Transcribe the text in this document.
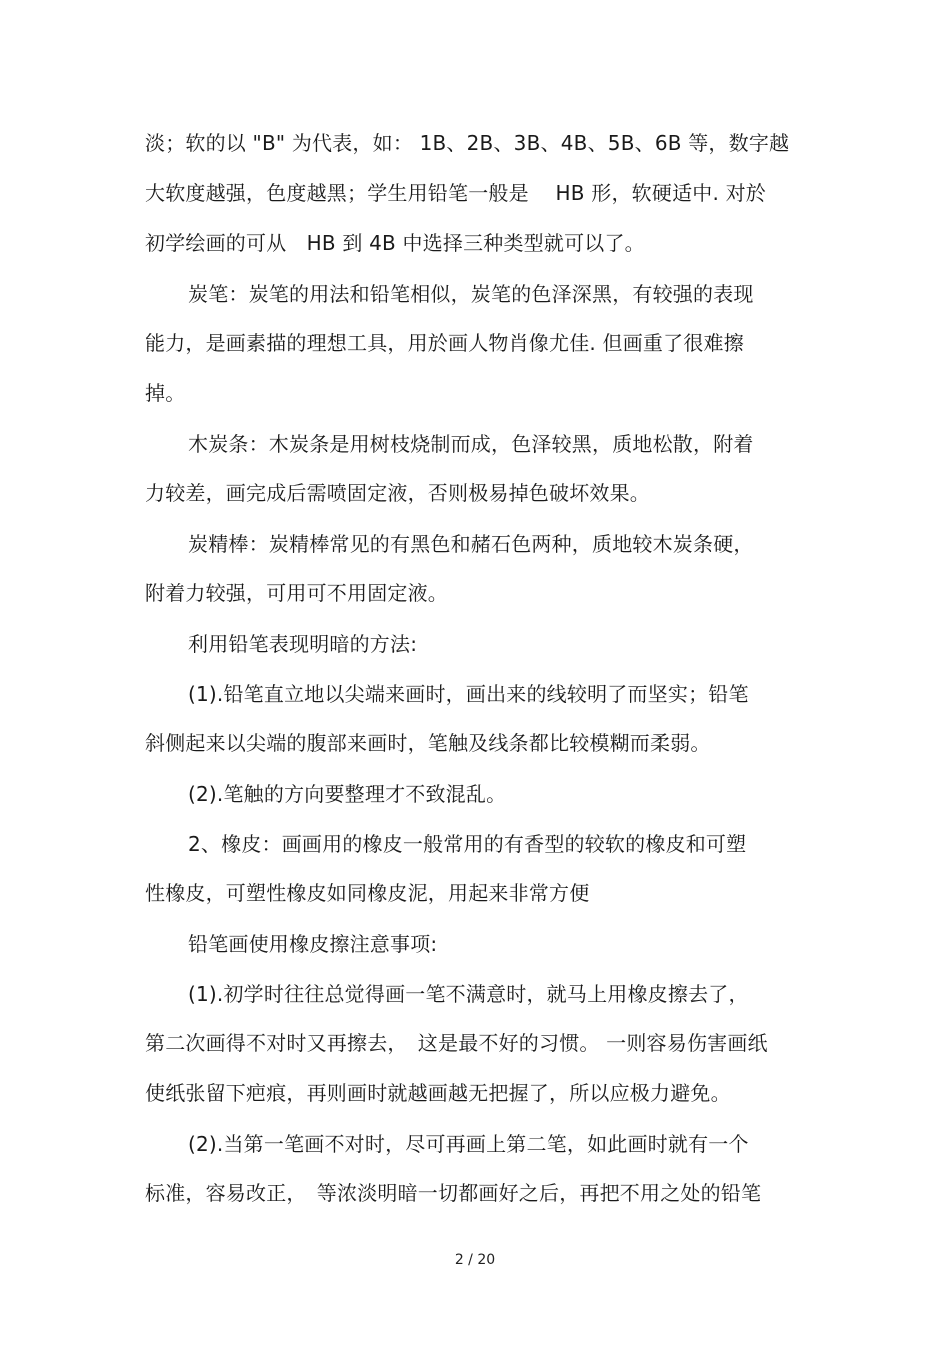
淡；软的以 "B" 为代表，如： 1B、2B、3B、4B、5B、6B 等，数字越
大软度越强，色度越黑；学生用铅笔一般是　 HB 形，软硬适中. 对於
初学绘画的可从　HB 到 4B 中选择三种类型就可以了。
炭笔：炭笔的用法和铅笔相似，炭笔的色泽深黑，有较强的表现
能力，是画素描的理想工具，用於画人物肖像尤佳. 但画重了很难擦
掉。
木炭条：木炭条是用树枝烧制而成，色泽较黑，质地松散，附着
力较差，画完成后需喷固定液，否则极易掉色破坏效果。
炭精棒：炭精棒常见的有黑色和赭石色两种，质地较木炭条硬，
附着力较强，可用可不用固定液。
利用铅笔表现明暗的方法:
(1).铅笔直立地以尖端来画时，画出来的线较明了而坚实；铅笔
斜侧起来以尖端的腹部来画时，笔触及线条都比较模糊而柔弱。
(2).笔触的方向要整理才不致混乱。
2、橡皮：画画用的橡皮一般常用的有香型的较软的橡皮和可塑
性橡皮，可塑性橡皮如同橡皮泥，用起来非常方便
铅笔画使用橡皮擦注意事项:
(1).初学时往往总觉得画一笔不满意时，就马上用橡皮擦去了，
第二次画得不对时又再擦去，　这是最不好的习惯。 一则容易伤害画纸
使纸张留下疤痕，再则画时就越画越无把握了，所以应极力避免。
(2).当第一笔画不对时，尽可再画上第二笔，如此画时就有一个
标准，容易改正，　等浓淡明暗一切都画好之后，再把不用之处的铅笔
2 / 20
